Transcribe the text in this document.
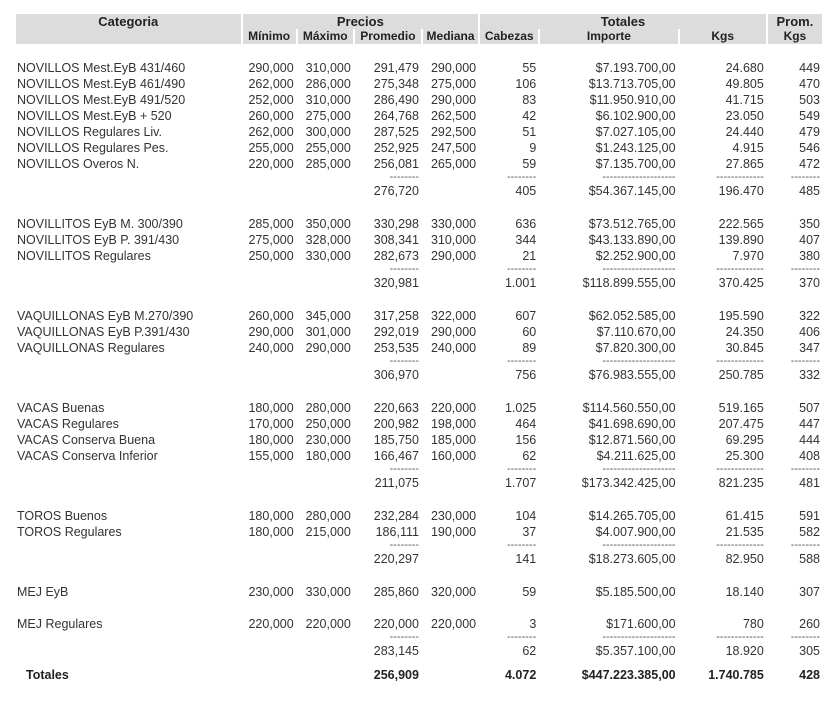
Categoria	Precios				Totales			Prom.
	Mínimo	Máximo	Promedio	Mediana	Cabezas	Importe	Kgs	Kgs

NOVILLOS Mest.EyB 431/460	290,000	310,000	291,479	290,000	55	$7.193.700,00	24.680	449
NOVILLOS Mest.EyB 461/490	262,000	286,000	275,348	275,000	106	$13.713.705,00	49.805	470
NOVILLOS Mest.EyB 491/520	252,000	310,000	286,490	290,000	83	$11.950.910,00	41.715	503
NOVILLOS Mest.EyB + 520	260,000	275,000	264,768	262,500	42	$6.102.900,00	23.050	549
NOVILLOS Regulares Liv.	262,000	300,000	287,525	292,500	51	$7.027.105,00	24.440	479
NOVILLOS Regulares Pes.	255,000	255,000	252,925	247,500	9	$1.243.125,00	4.915	546
NOVILLOS Overos N.	220,000	285,000	256,081	265,000	59	$7.135.700,00	27.865	472
			--------		--------	--------------------	-------------	--------
			276,720		405	$54.367.145,00	196.470	485

NOVILLITOS EyB M. 300/390	285,000	350,000	330,298	330,000	636	$73.512.765,00	222.565	350
NOVILLITOS EyB P. 391/430	275,000	328,000	308,341	310,000	344	$43.133.890,00	139.890	407
NOVILLITOS Regulares	250,000	330,000	282,673	290,000	21	$2.252.900,00	7.970	380
			--------		--------	--------------------	-------------	--------
			320,981		1.001	$118.899.555,00	370.425	370

VAQUILLONAS EyB M.270/390	260,000	345,000	317,258	322,000	607	$62.052.585,00	195.590	322
VAQUILLONAS EyB P.391/430	290,000	301,000	292,019	290,000	60	$7.110.670,00	24.350	406
VAQUILLONAS Regulares	240,000	290,000	253,535	240,000	89	$7.820.300,00	30.845	347
			--------		--------	--------------------	-------------	--------
			306,970		756	$76.983.555,00	250.785	332

VACAS Buenas	180,000	280,000	220,663	220,000	1.025	$114.560.550,00	519.165	507
VACAS Regulares	170,000	250,000	200,982	198,000	464	$41.698.690,00	207.475	447
VACAS Conserva Buena	180,000	230,000	185,750	185,000	156	$12.871.560,00	69.295	444
VACAS Conserva Inferior	155,000	180,000	166,467	160,000	62	$4.211.625,00	25.300	408
			--------		--------	--------------------	-------------	--------
			211,075		1.707	$173.342.425,00	821.235	481

TOROS Buenos	180,000	280,000	232,284	230,000	104	$14.265.705,00	61.415	591
TOROS Regulares	180,000	215,000	186,111	190,000	37	$4.007.900,00	21.535	582
			--------		--------	--------------------	-------------	--------
			220,297		141	$18.273.605,00	82.950	588

MEJ EyB	230,000	330,000	285,860	320,000	59	$5.185.500,00	18.140	307

MEJ Regulares	220,000	220,000	220,000	220,000	3	$171.600,00	780	260
			--------		--------	--------------------	-------------	--------
			283,145		62	$5.357.100,00	18.920	305
Totales			256,909		4.072	$447.223.385,00	1.740.785	428
